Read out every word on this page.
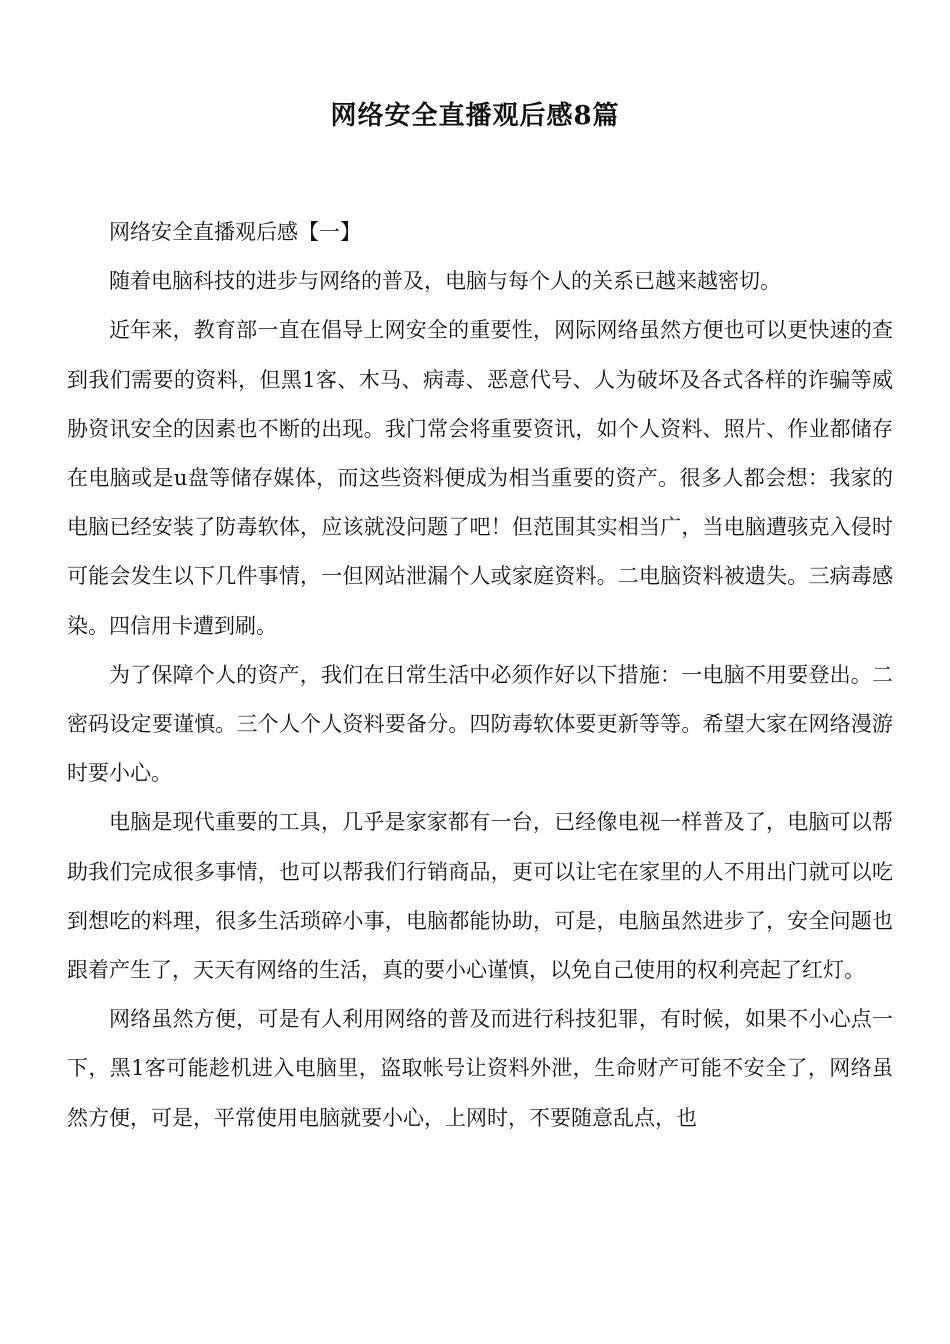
网络安全直播观后感8篇

网络安全直播观后感【一】

随着电脑科技的进步与网络的普及，电脑与每个人的关系已越来越密切。

近年来，教育部一直在倡导上网安全的重要性，网际网络虽然方便也可以更快速的查到我们需要的资料，但黑1客、木马、病毒、恶意代号、人为破坏及各式各样的诈骗等威胁资讯安全的因素也不断的出现。我门常会将重要资讯，如个人资料、照片、作业都储存在电脑或是u盘等储存媒体，而这些资料便成为相当重要的资产。很多人都会想：我家的电脑已经安装了防毒软体，应该就没问题了吧！但范围其实相当广，当电脑遭骇克入侵时可能会发生以下几件事情，一但网站泄漏个人或家庭资料。二电脑资料被遗失。三病毒感染。四信用卡遭到刷。

为了保障个人的资产，我们在日常生活中必须作好以下措施：一电脑不用要登出。二密码设定要谨慎。三个人个人资料要备分。四防毒软体要更新等等。希望大家在网络漫游时要小心。

电脑是现代重要的工具，几乎是家家都有一台，已经像电视一样普及了，电脑可以帮助我们完成很多事情，也可以帮我们行销商品，更可以让宅在家里的人不用出门就可以吃到想吃的料理，很多生活琐碎小事，电脑都能协助，可是，电脑虽然进步了，安全问题也跟着产生了，天天有网络的生活，真的要小心谨慎，以免自己使用的权利亮起了红灯。

网络虽然方便，可是有人利用网络的普及而进行科技犯罪，有时候，如果不小心点一下，黑1客可能趁机进入电脑里，盗取帐号让资料外泄，生命财产可能不安全了，网络虽然方便，可是，平常使用电脑就要小心，上网时，不要随意乱点，也
